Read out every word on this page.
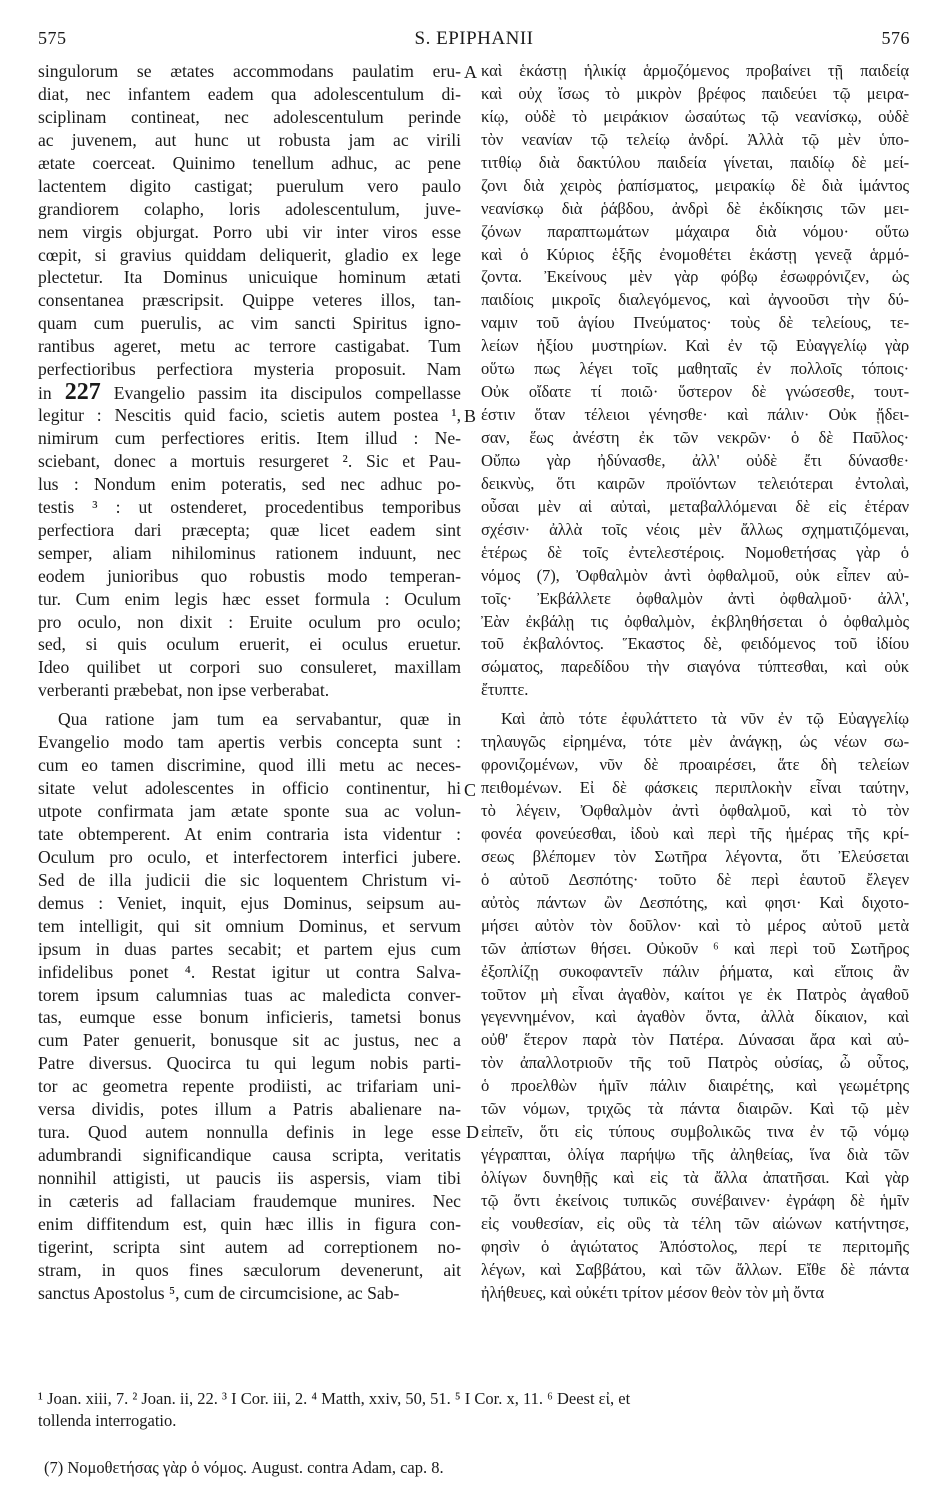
575	S. EPIPHANII	576
singulorum se ætates accommodans paulatim eru-
diat, nec infantem eadem qua adolescentulum di-
sciplinam contineat, nec adolescentulum perinde
ac juvenem, aut hunc ut robusta jam ac virili
ætate coerceat. Quinimo tenellum adhuc, ac pene
lactentem digito castigat; puerulum vero paulo
grandiorem colapho, loris adolescentulum, juve-
nem virgis objurgat. Porro ubi vir inter viros esse
cœpit, si gravius quiddam deliquerit, gladio ex lege
plectetur. Ita Dominus unicuique hominum ætati
consentanea præscripsit. Quippe veteres illos, tan-
quam cum puerulis, ac vim sancti Spiritus igno-
rantibus ageret, metu ac terrore castigabat. Tum
perfectioribus perfectiora mysteria proposuit. Nam
in 227 Evangelio passim ita discipulos compellasse
legitur : Nescitis quid facio, scietis autem postea ¹,
nimirum cum perfectiores eritis. Item illud : Ne-
sciebant, donec a mortuis resurgeret ². Sic et Pau-
lus : Nondum enim poteratis, sed nec adhuc po-
testis ³ : ut ostenderet, procedentibus temporibus
perfectiora dari præcepta; quæ licet eadem sint
semper, aliam nihilominus rationem induunt, nec
eodem junioribus quo robustis modo temperan-
tur. Cum enim legis hæc esset formula : Oculum
pro oculo, non dixit : Eruite oculum pro oculo;
sed, si quis oculum eruerit, ei oculus eruetur.
Ideo quilibet ut corpori suo consuleret, maxillam
verberanti præbebat, non ipse verberabat.
Qua ratione jam tum ea servabantur, quæ in
Evangelio modo tam apertis verbis concepta sunt :
cum eo tamen discrimine, quod illi metu ac neces-
sitate velut adolescentes in officio continentur, hi
utpote confirmata jam ætate sponte sua ac volun-
tate obtemperent. At enim contraria ista videntur :
Oculum pro oculo, et interfectorem interfici jubere.
Sed de illa judicii die sic loquentem Christum vi-
demus : Veniet, inquit, ejus Dominus, seipsum au-
tem intelligit, qui sit omnium Dominus, et servum
ipsum in duas partes secabit; et partem ejus cum
infidelibus ponet ⁴. Restat igitur ut contra Salva-
torem ipsum calumnias tuas ac maledicta conver-
tas, eumque esse bonum inficieris, tametsi bonus
cum Pater genuerit, bonusque sit ac justus, nec a
Patre diversus. Quocirca tu qui legum nobis parti-
tor ac geometra repente prodiisti, ac trifariam uni-
versa dividis, potes illum a Patris abalienare na-
tura. Quod autem nonnulla definis in lege esse
adumbrandi significandique causa scripta, veritatis
nonnihil attigisti, ut paucis iis aspersis, viam tibi
in cæteris ad fallaciam fraudemque munires. Nec
enim diffitendum est, quin hæc illis in figura con-
tigerint, scripta sint autem ad correptionem no-
stram, in quos fines sæculorum devenerunt, ait
sanctus Apostolus ⁵, cum de circumcisione, ac Sab-
καὶ ἑκάστῃ ἡλικίᾳ ἁρμοζόμενος προβαίνει τῇ παιδείᾳ
καὶ οὐχ ἴσως τὸ μικρὸν βρέφος παιδεύει τῷ μειρα-
κίῳ, οὐδὲ τὸ μειράκιον ὡσαύτως τῷ νεανίσκῳ, οὐδὲ
τὸν νεανίαν τῷ τελείῳ ἀνδρί. Ἀλλὰ τῷ μὲν ὑπο-
τιτθίῳ διὰ δακτύλου παιδεία γίνεται, παιδίῳ δὲ μεί-
ζονι διὰ χειρὸς ῥαπίσματος, μειρακίῳ δὲ διὰ ἱμάντος
νεανίσκῳ διὰ ῥάβδου, ἀνδρὶ δὲ ἐκδίκησις τῶν μει-
ζόνων παραπτωμάτων μάχαιρα διὰ νόμου· οὕτω
καὶ ὁ Κύριος ἑξῆς ἐνομοθέτει ἑκάστῃ γενεᾷ ἁρμό-
ζοντα. Ἐκείνους μὲν γὰρ φόβῳ ἐσωφρόνιζεν, ὡς
παιδίοις μικροῖς διαλεγόμενος, καὶ ἀγνοοῦσι τὴν δύ-
ναμιν τοῦ ἁγίου Πνεύματος· τοὺς δὲ τελείους, τε-
λείων ἠξίου μυστηρίων. Καὶ ἐν τῷ Εὐαγγελίῳ γὰρ
οὕτω πως λέγει τοῖς μαθηταῖς ἐν πολλοῖς τόποις·
Οὐκ οἴδατε τί ποιῶ· ὕστερον δὲ γνώσεσθε, τουτ-
έστιν ὅταν τέλειοι γένησθε· καὶ πάλιν· Οὐκ ᾔδει-
σαν, ἕως ἀνέστη ἐκ τῶν νεκρῶν· ὁ δὲ Παῦλος·
Οὔπω γὰρ ἠδύνασθε, ἀλλ' οὐδὲ ἔτι δύνασθε·
δεικνὺς, ὅτι καιρῶν προϊόντων τελειότεραι ἐντολαὶ,
οὖσαι μὲν αἱ αὐταὶ, μεταβαλλόμεναι δὲ εἰς ἑτέραν
σχέσιν· ἀλλὰ τοῖς νέοις μὲν ἄλλως σχηματιζόμεναι,
ἑτέρως δὲ τοῖς ἐντελεστέροις. Νομοθετήσας γὰρ ὁ
νόμος (7), Ὀφθαλμὸν ἀντὶ ὀφθαλμοῦ, οὐκ εἶπεν αὐ-
τοῖς· Ἐκβάλλετε ὀφθαλμὸν ἀντὶ ὀφθαλμοῦ· ἀλλ',
Ἐὰν ἐκβάλῃ τις ὀφθαλμὸν, ἐκβληθήσεται ὁ ὀφθαλμὸς
τοῦ ἐκβαλόντος. Ἕκαστος δὲ, φειδόμενος τοῦ ἰδίου
σώματος, παρεδίδου τὴν σιαγόνα τύπτεσθαι, καὶ οὐκ
ἔτυπτε.
Καὶ ἀπὸ τότε ἐφυλάττετο τὰ νῦν ἐν τῷ Εὐαγγελίῳ
τηλαυγῶς εἰρημένα, τότε μὲν ἀνάγκῃ, ὡς νέων σω-
φρονιζομένων, νῦν δὲ προαιρέσει, ἅτε δὴ τελείων
πειθομένων. Εἰ δὲ φάσκεις περιπλοκὴν εἶναι ταύτην,
τὸ λέγειν, Ὀφθαλμὸν ἀντὶ ὀφθαλμοῦ, καὶ τὸ τὸν
φονέα φονεύεσθαι, ἰδοὺ καὶ περὶ τῆς ἡμέρας τῆς κρί-
σεως βλέπομεν τὸν Σωτῆρα λέγοντα, ὅτι Ἐλεύσεται
ὁ αὐτοῦ Δεσπότης· τοῦτο δὲ περὶ ἑαυτοῦ ἔλεγεν
αὐτὸς πάντων ὢν Δεσπότης, καὶ φησι· Καὶ διχοτο-
μήσει αὐτὸν τὸν δοῦλον· καὶ τὸ μέρος αὐτοῦ μετὰ
τῶν ἀπίστων θήσει. Οὐκοῦν ⁶ καὶ περὶ τοῦ Σωτῆρος
ἐξοπλίζῃ συκοφαντεῖν πάλιν ῥήματα, καὶ εἴποις ἂν
τοῦτον μὴ εἶναι ἀγαθὸν, καίτοι γε ἐκ Πατρὸς ἀγαθοῦ
γεγεννημένον, καὶ ἀγαθὸν ὄντα, ἀλλὰ δίκαιον, καὶ
οὐθ' ἕτερον παρὰ τὸν Πατέρα. Δύνασαι ἄρα καὶ αὐ-
τὸν ἀπαλλοτριοῦν τῆς τοῦ Πατρὸς οὐσίας, ὦ οὗτος,
ὁ προελθὼν ἡμῖν πάλιν διαιρέτης, καὶ γεωμέτρης
τῶν νόμων, τριχῶς τὰ πάντα διαιρῶν. Καὶ τῷ μὲν
εἰπεῖν, ὅτι εἰς τύπους συμβολικῶς τινα ἐν τῷ νόμῳ
γέγραπται, ὀλίγα παρήψω τῆς ἀληθείας, ἵνα διὰ τῶν
ὀλίγων δυνηθῇς καὶ εἰς τὰ ἄλλα ἀπατῆσαι. Καὶ γὰρ
τῷ ὄντι ἐκείνοις τυπικῶς συνέβαινεν· ἐγράφη δὲ ἡμῖν
εἰς νουθεσίαν, εἰς οὓς τὰ τέλη τῶν αἰώνων κατήντησε,
φησὶν ὁ ἁγιώτατος Ἀπόστολος, περί τε περιτομῆς
λέγων, καὶ Σαββάτου, καὶ τῶν ἄλλων. Εἴθε δὲ πάντα
ἠλήθευες, καὶ οὐκέτι τρίτον μέσον θεὸν τὸν μὴ ὄντα
A
B
C
D
¹ Joan. xiii, 7. ² Joan. ii, 22. ³ I Cor. iii, 2. ⁴ Matth, xxiv, 50, 51. ⁵ I Cor. x, 11. ⁶ Deest εἰ, et
tollenda interrogatio.
(7) Νομοθετήσας γὰρ ὁ νόμος. August. contra Adam, cap. 8.
